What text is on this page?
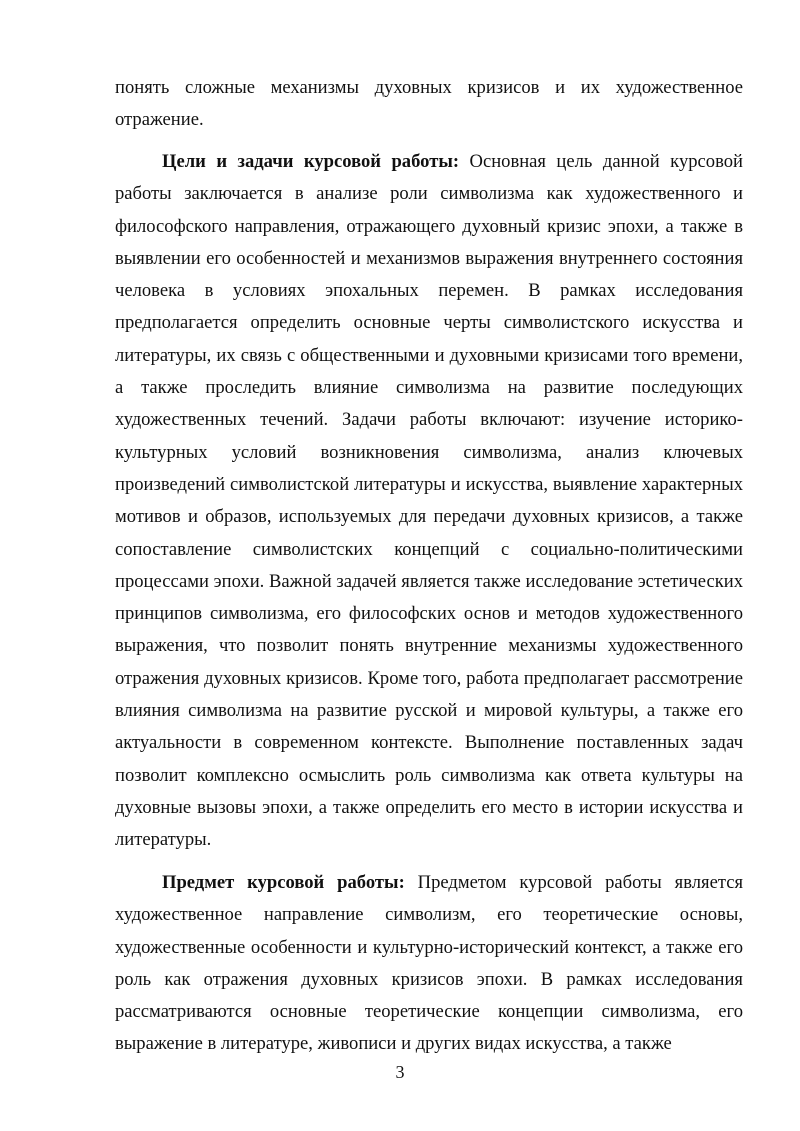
понять сложные механизмы духовных кризисов и их художественное отражение.

Цели и задачи курсовой работы: Основная цель данной курсовой работы заключается в анализе роли символизма как художественного и философского направления, отражающего духовный кризис эпохи, а также в выявлении его особенностей и механизмов выражения внутреннего состояния человека в условиях эпохальных перемен. В рамках исследования предполагается определить основные черты символистского искусства и литературы, их связь с общественными и духовными кризисами того времени, а также проследить влияние символизма на развитие последующих художественных течений. Задачи работы включают: изучение историко-культурных условий возникновения символизма, анализ ключевых произведений символистской литературы и искусства, выявление характерных мотивов и образов, используемых для передачи духовных кризисов, а также сопоставление символистских концепций с социально-политическими процессами эпохи. Важной задачей является также исследование эстетических принципов символизма, его философских основ и методов художественного выражения, что позволит понять внутренние механизмы художественного отражения духовных кризисов. Кроме того, работа предполагает рассмотрение влияния символизма на развитие русской и мировой культуры, а также его актуальности в современном контексте. Выполнение поставленных задач позволит комплексно осмыслить роль символизма как ответа культуры на духовные вызовы эпохи, а также определить его место в истории искусства и литературы.

Предмет курсовой работы: Предметом курсовой работы является художественное направление символизм, его теоретические основы, художественные особенности и культурно-исторический контекст, а также его роль как отражения духовных кризисов эпохи. В рамках исследования рассматриваются основные теоретические концепции символизма, его выражение в литературе, живописи и других видах искусства, а также

3
